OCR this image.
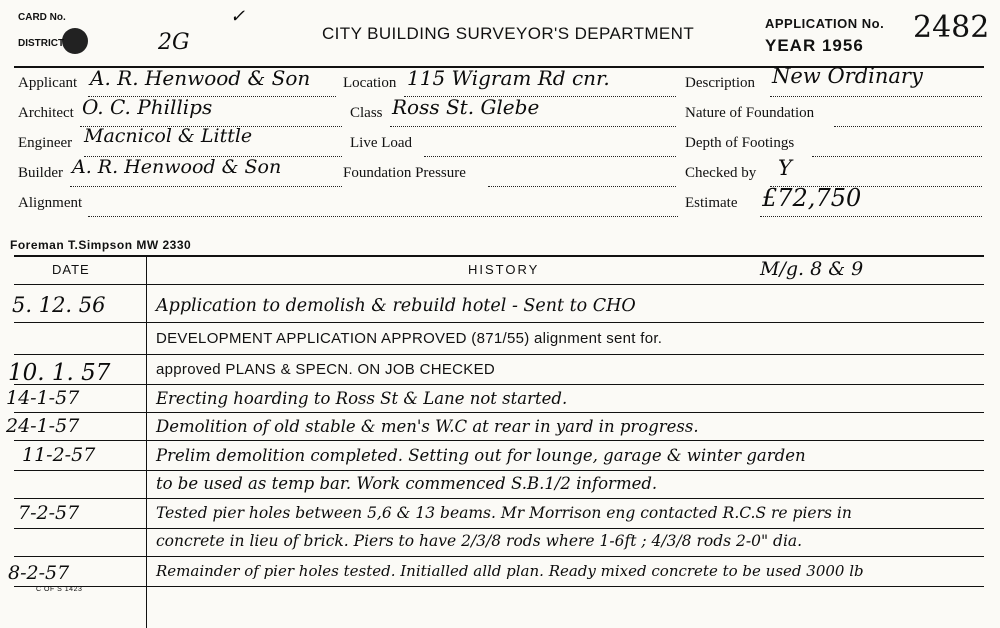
CARD No.
DISTRICT	2G
✓
CITY BUILDING SURVEYOR'S DEPARTMENT
APPLICATION No. 2482
YEAR 1956
Applicant A. R. Henwood & Son
Architect O. C. Phillips
Engineer Macnicol & Little
Builder A. R. Henwood & Son
Alignment
Location 115 Wigram Rd cnr.
Class Ross St. Glebe
Live Load
Foundation Pressure
Description New Ordinary
Nature of Foundation
Depth of Footings
Checked by Y
Estimate £72,750
Foreman T.Simpson MW 2330
DATE	HISTORY	M/g. 8 & 9
5. 12. 56	Application to demolish & rebuild hotel - Sent to CHO
DEVELOPMENT APPLICATION APPROVED (871/55) alignment sent for.
10. 1. 57	approved PLANS & SPECN. ON JOB CHECKED
14-1-57	Erecting hoarding to Ross St & Lane not started.
24-1-57	Demolition of old stable & men's W.C at rear in yard in progress.
11-2-57	Prelim demolition completed. Setting out for lounge, garage & winter garden
to be used as temp bar. Work commenced S.B.1/2 informed.
7-2-57	Tested pier holes between 5,6 & 13 beams. Mr Morrison eng contacted R.C.S re piers in
concrete in lieu of brick. Piers to have 2/3/8 rods where 1-6ft ; 4/3/8 rods 2-0" dia.
8-2-57	Remainder of pier holes tested. Initialled alld plan. Ready mixed concrete to be used 3000 lb
C OF S 1423
